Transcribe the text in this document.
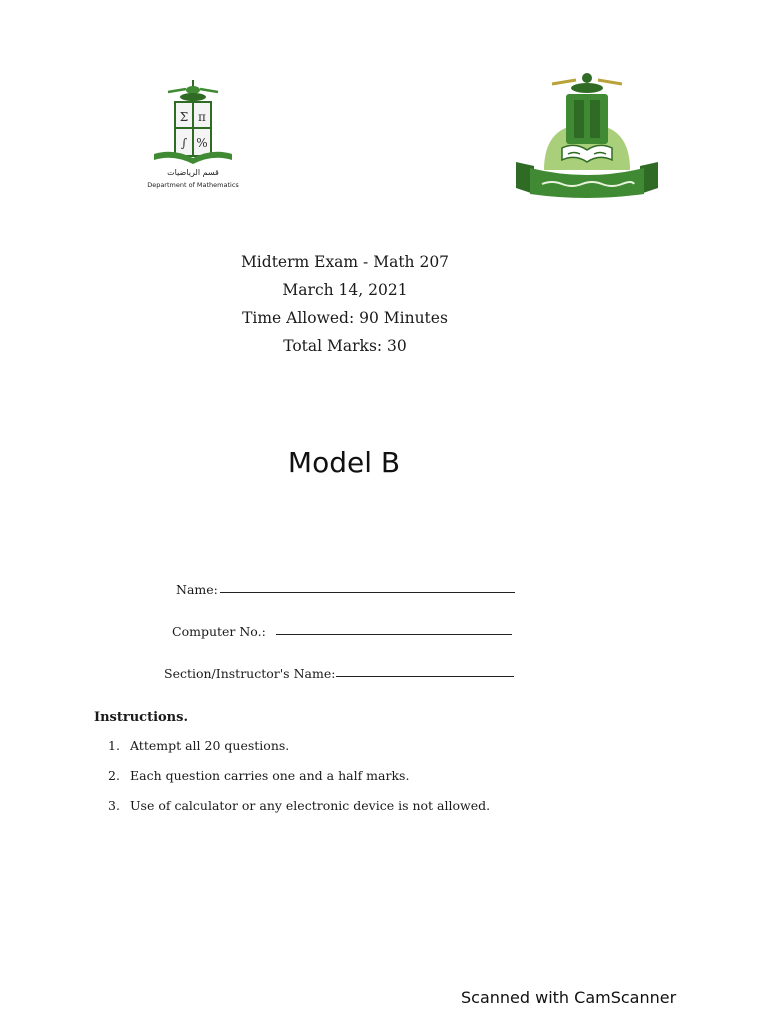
Σ π
∫ %
قسم الرياضيات
Department of Mathematics
Midterm Exam - Math 207
March 14, 2021
Time Allowed: 90 Minutes
Total Marks: 30
Model B
Name:
Computer No.:
Section/Instructor's Name:
Instructions.
1. Attempt all 20 questions.
2. Each question carries one and a half marks.
3. Use of calculator or any electronic device is not allowed.
Scanned with CamScanner
